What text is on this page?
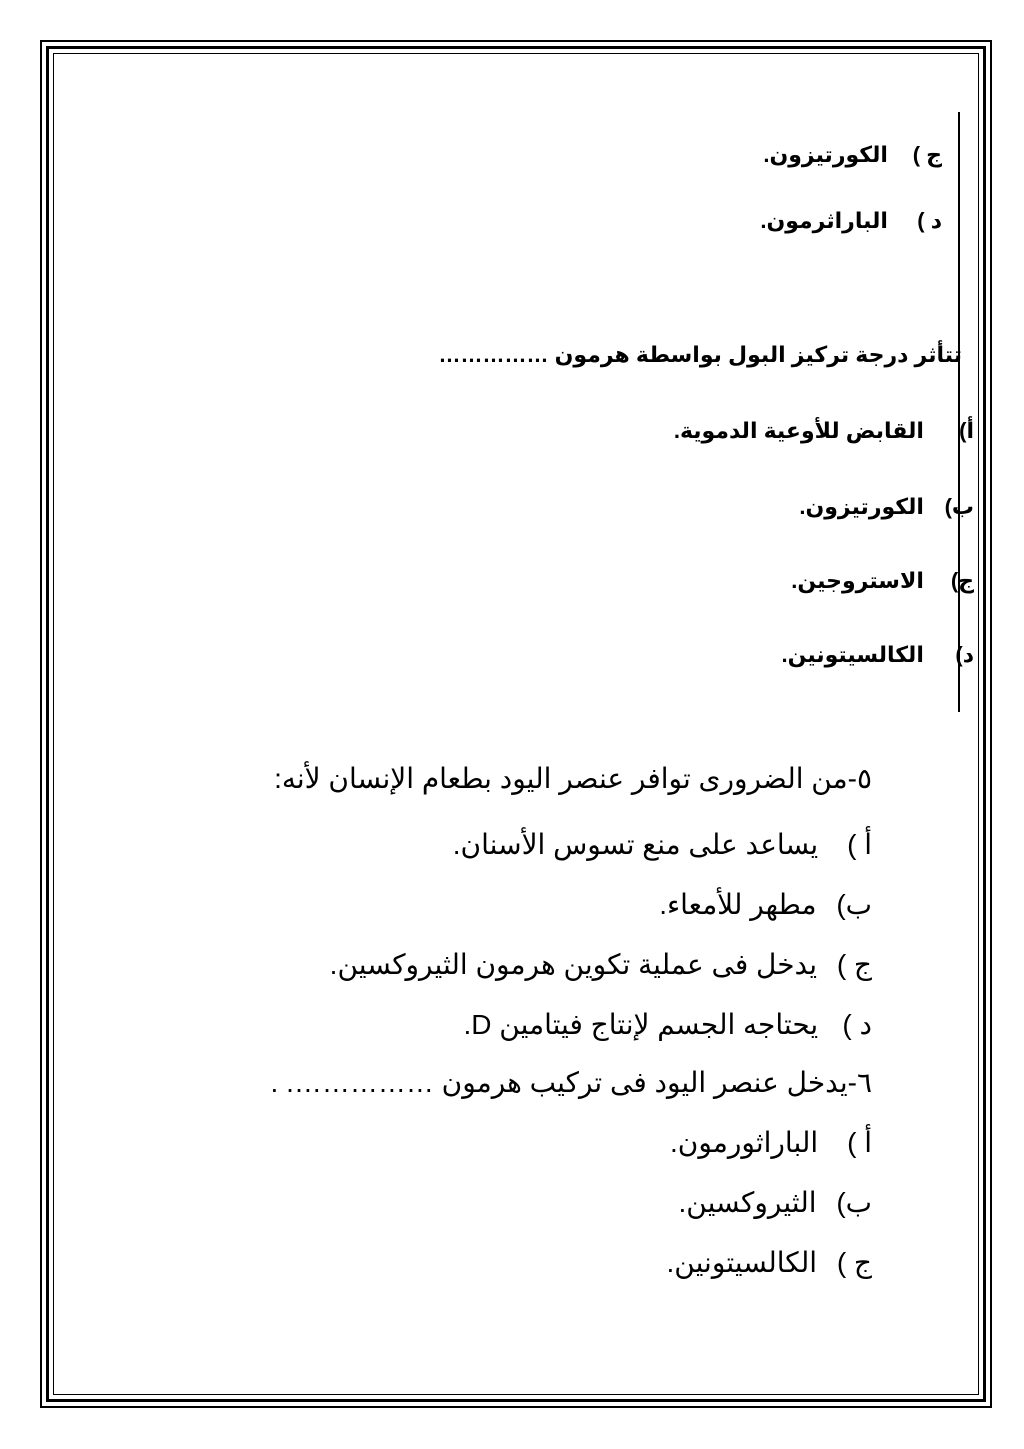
ج ) الكورتيزون.
د ) الباراثرمون.
تتأثر درجة تركيز البول بواسطة هرمون ……………
أ) القابض للأوعية الدموية.
ب) الكورتيزون.
ج) الاستروجين.
د) الكالسيتونين.
٥-من الضرورى توافر عنصر اليود بطعام الإنسان لأنه:
أ ) يساعد على منع تسوس الأسنان.
ب) مطهر للأمعاء.
ج ) يدخل فى عملية تكوين هرمون الثيروكسين.
د ) يحتاجه الجسم لإنتاج فيتامين D.
٦-يدخل عنصر اليود فى تركيب هرمون ……………. .
أ ) الباراثورمون.
ب) الثيروكسين.
ج ) الكالسيتونين.
